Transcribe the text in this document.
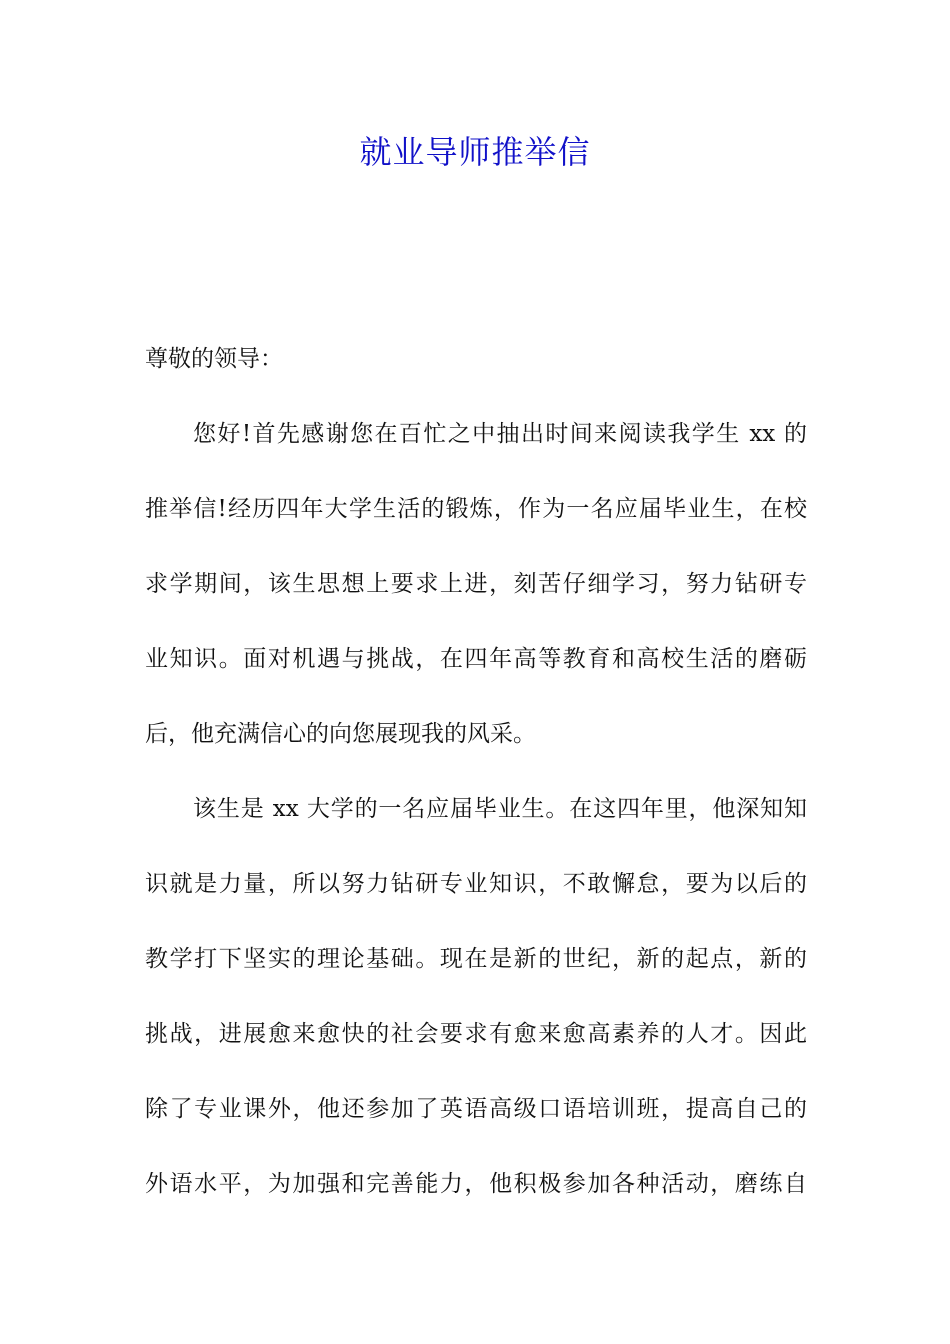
就业导师推举信

尊敬的领导：

您好!首先感谢您在百忙之中抽出时间来阅读我学生 xx 的
推举信!经历四年大学生活的锻炼，作为一名应届毕业生，在校
求学期间，该生思想上要求上进，刻苦仔细学习，努力钻研专
业知识。面对机遇与挑战，在四年高等教育和高校生活的磨砺
后，他充满信心的向您展现我的风采。
该生是 xx 大学的一名应届毕业生。在这四年里，他深知知
识就是力量，所以努力钻研专业知识，不敢懈怠，要为以后的
教学打下坚实的理论基础。现在是新的世纪，新的起点，新的
挑战，进展愈来愈快的社会要求有愈来愈高素养的人才。因此
除了专业课外，他还参加了英语高级口语培训班，提高自己的
外语水平，为加强和完善能力，他积极参加各种活动，磨练自
